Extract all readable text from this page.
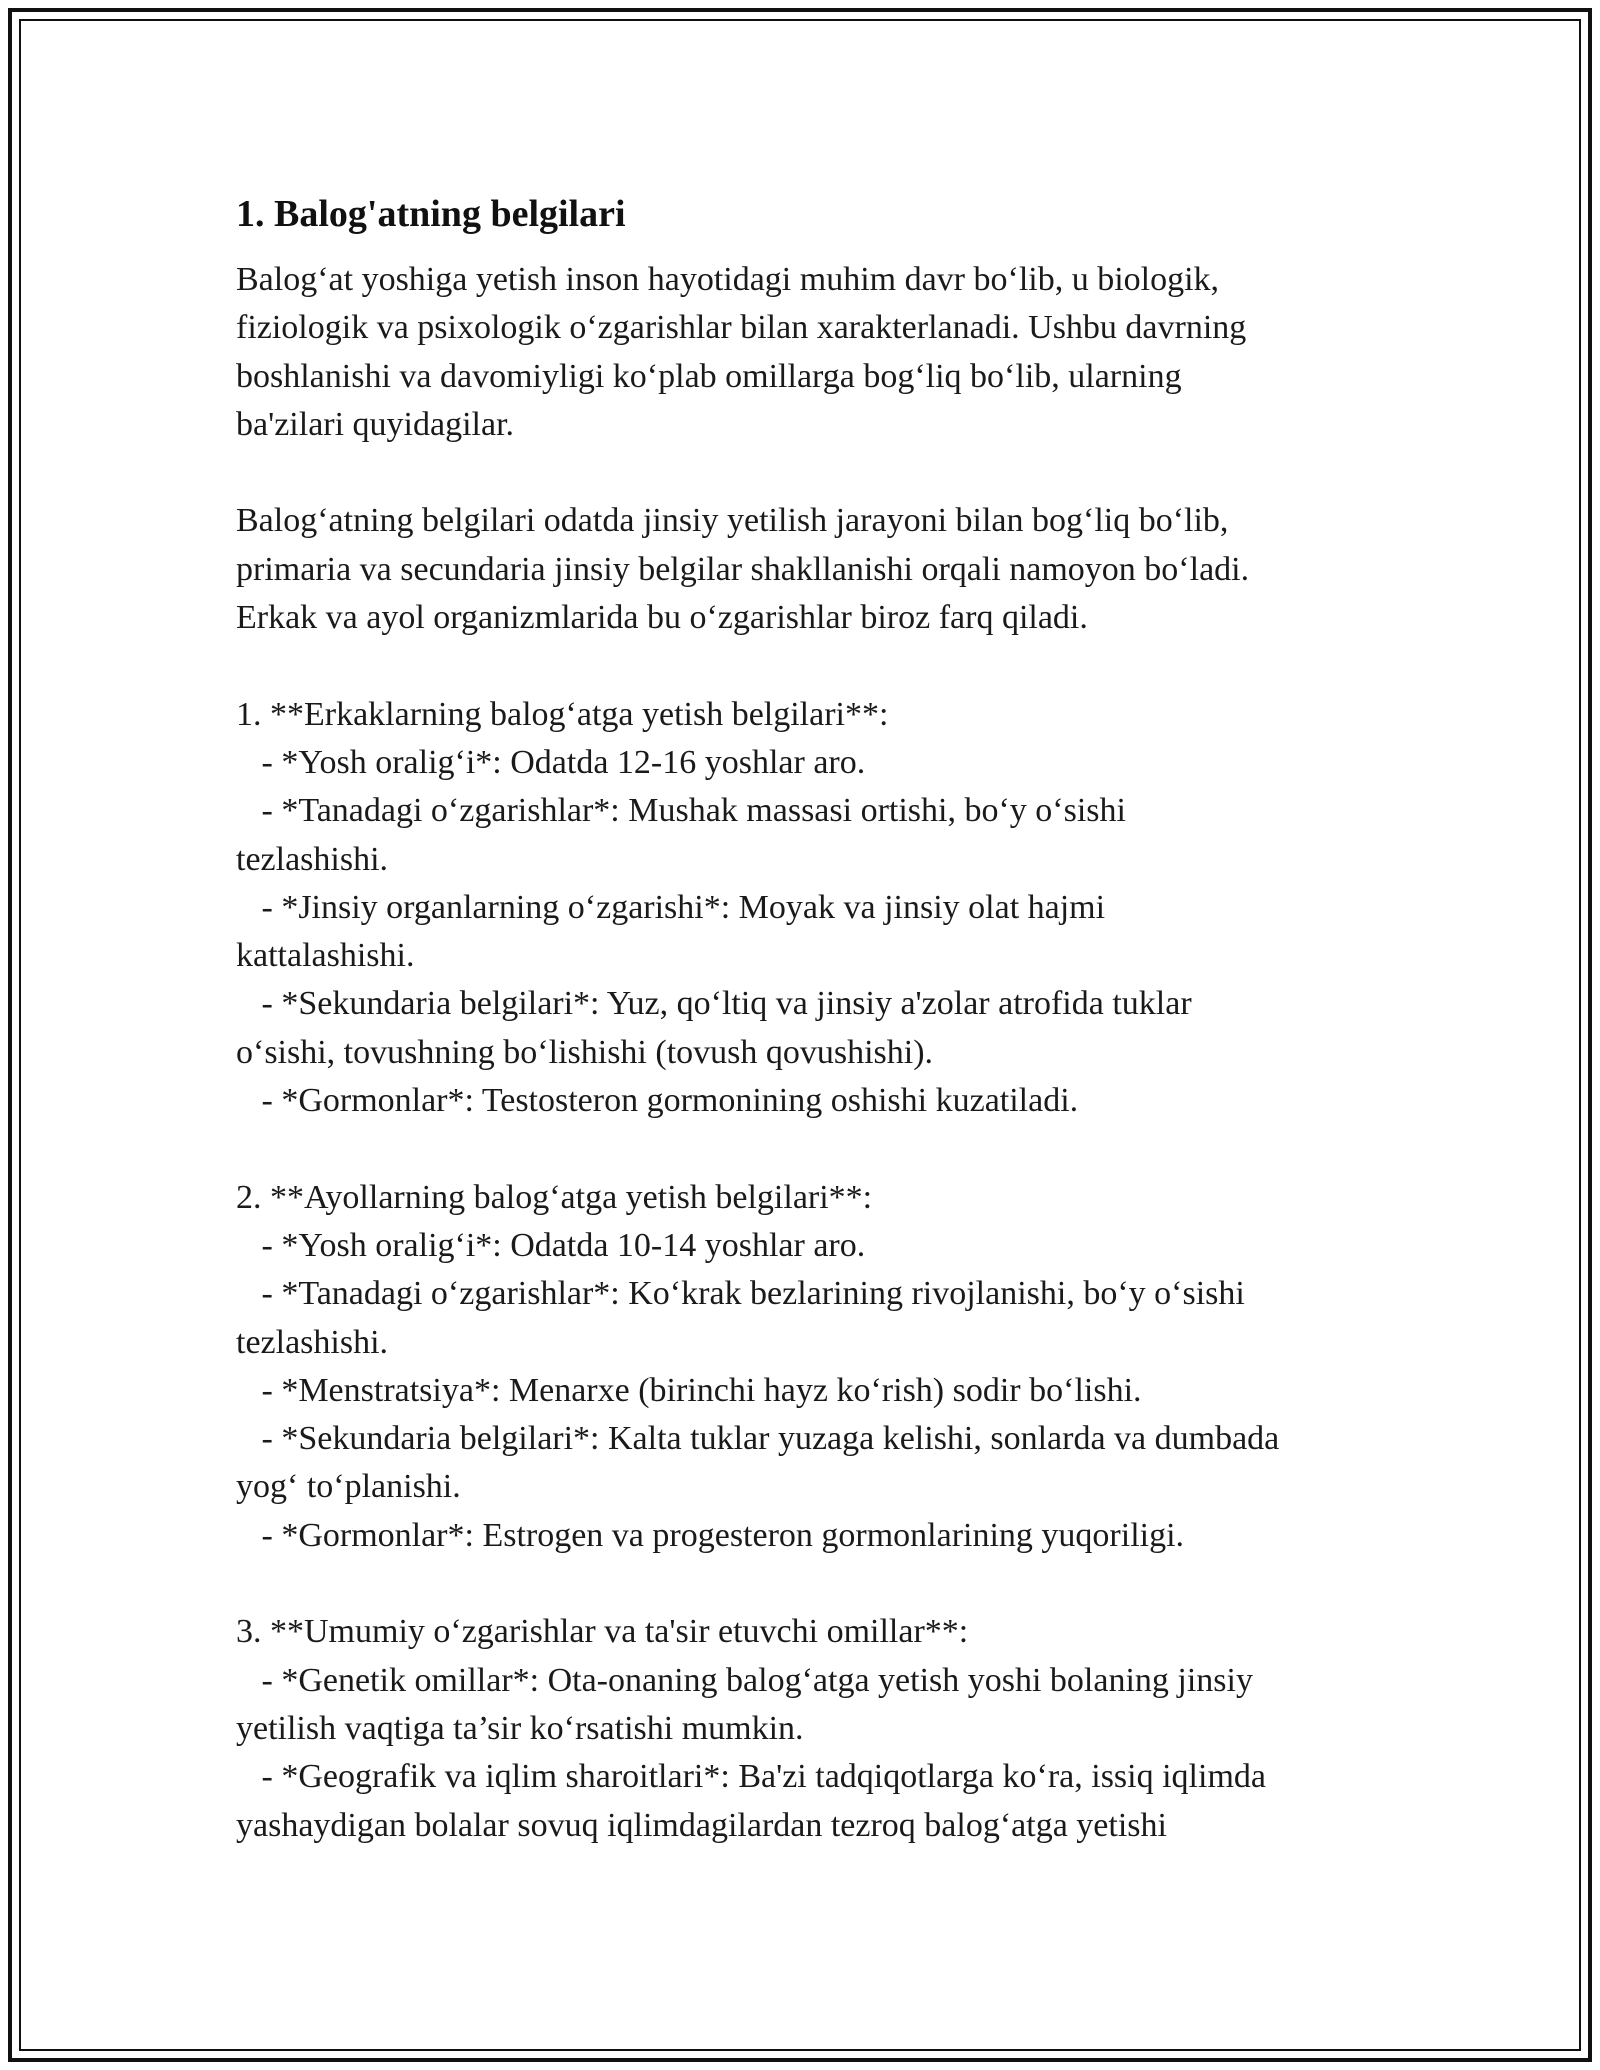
1. Balog'atning belgilari
Balog‘at yoshiga yetish inson hayotidagi muhim davr bo‘lib, u biologik,
fiziologik va psixologik o‘zgarishlar bilan xarakterlanadi. Ushbu davrning
boshlanishi va davomiyligi ko‘plab omillarga bog‘liq bo‘lib, ularning
ba'zilari quyidagilar.
Balog‘atning belgilari odatda jinsiy yetilish jarayoni bilan bog‘liq bo‘lib,
primaria va secundaria jinsiy belgilar shakllanishi orqali namoyon bo‘ladi.
Erkak va ayol organizmlarida bu o‘zgarishlar biroz farq qiladi.
1. **Erkaklarning balog‘atga yetish belgilari**:
- *Yosh oralig‘i*: Odatda 12-16 yoshlar aro.
- *Tanadagi o‘zgarishlar*: Mushak massasi ortishi, bo‘y o‘sishi
tezlashishi.
- *Jinsiy organlarning o‘zgarishi*: Moyak va jinsiy olat hajmi
kattalashishi.
- *Sekundaria belgilari*: Yuz, qo‘ltiq va jinsiy a'zolar atrofida tuklar
o‘sishi, tovushning bo‘lishishi (tovush qovushishi).
- *Gormonlar*: Testosteron gormonining oshishi kuzatiladi.
2. **Ayollarning balog‘atga yetish belgilari**:
- *Yosh oralig‘i*: Odatda 10-14 yoshlar aro.
- *Tanadagi o‘zgarishlar*: Ko‘krak bezlarining rivojlanishi, bo‘y o‘sishi
tezlashishi.
- *Menstratsiya*: Menarxe (birinchi hayz ko‘rish) sodir bo‘lishi.
- *Sekundaria belgilari*: Kalta tuklar yuzaga kelishi, sonlarda va dumbada
yog‘ to‘planishi.
- *Gormonlar*: Estrogen va progesteron gormonlarining yuqoriligi.
3. **Umumiy o‘zgarishlar va ta'sir etuvchi omillar**:
- *Genetik omillar*: Ota-onaning balog‘atga yetish yoshi bolaning jinsiy
yetilish vaqtiga ta’sir ko‘rsatishi mumkin.
- *Geografik va iqlim sharoitlari*: Ba'zi tadqiqotlarga ko‘ra, issiq iqlimda
yashaydigan bolalar sovuq iqlimdagilardan tezroq balog‘atga yetishi
